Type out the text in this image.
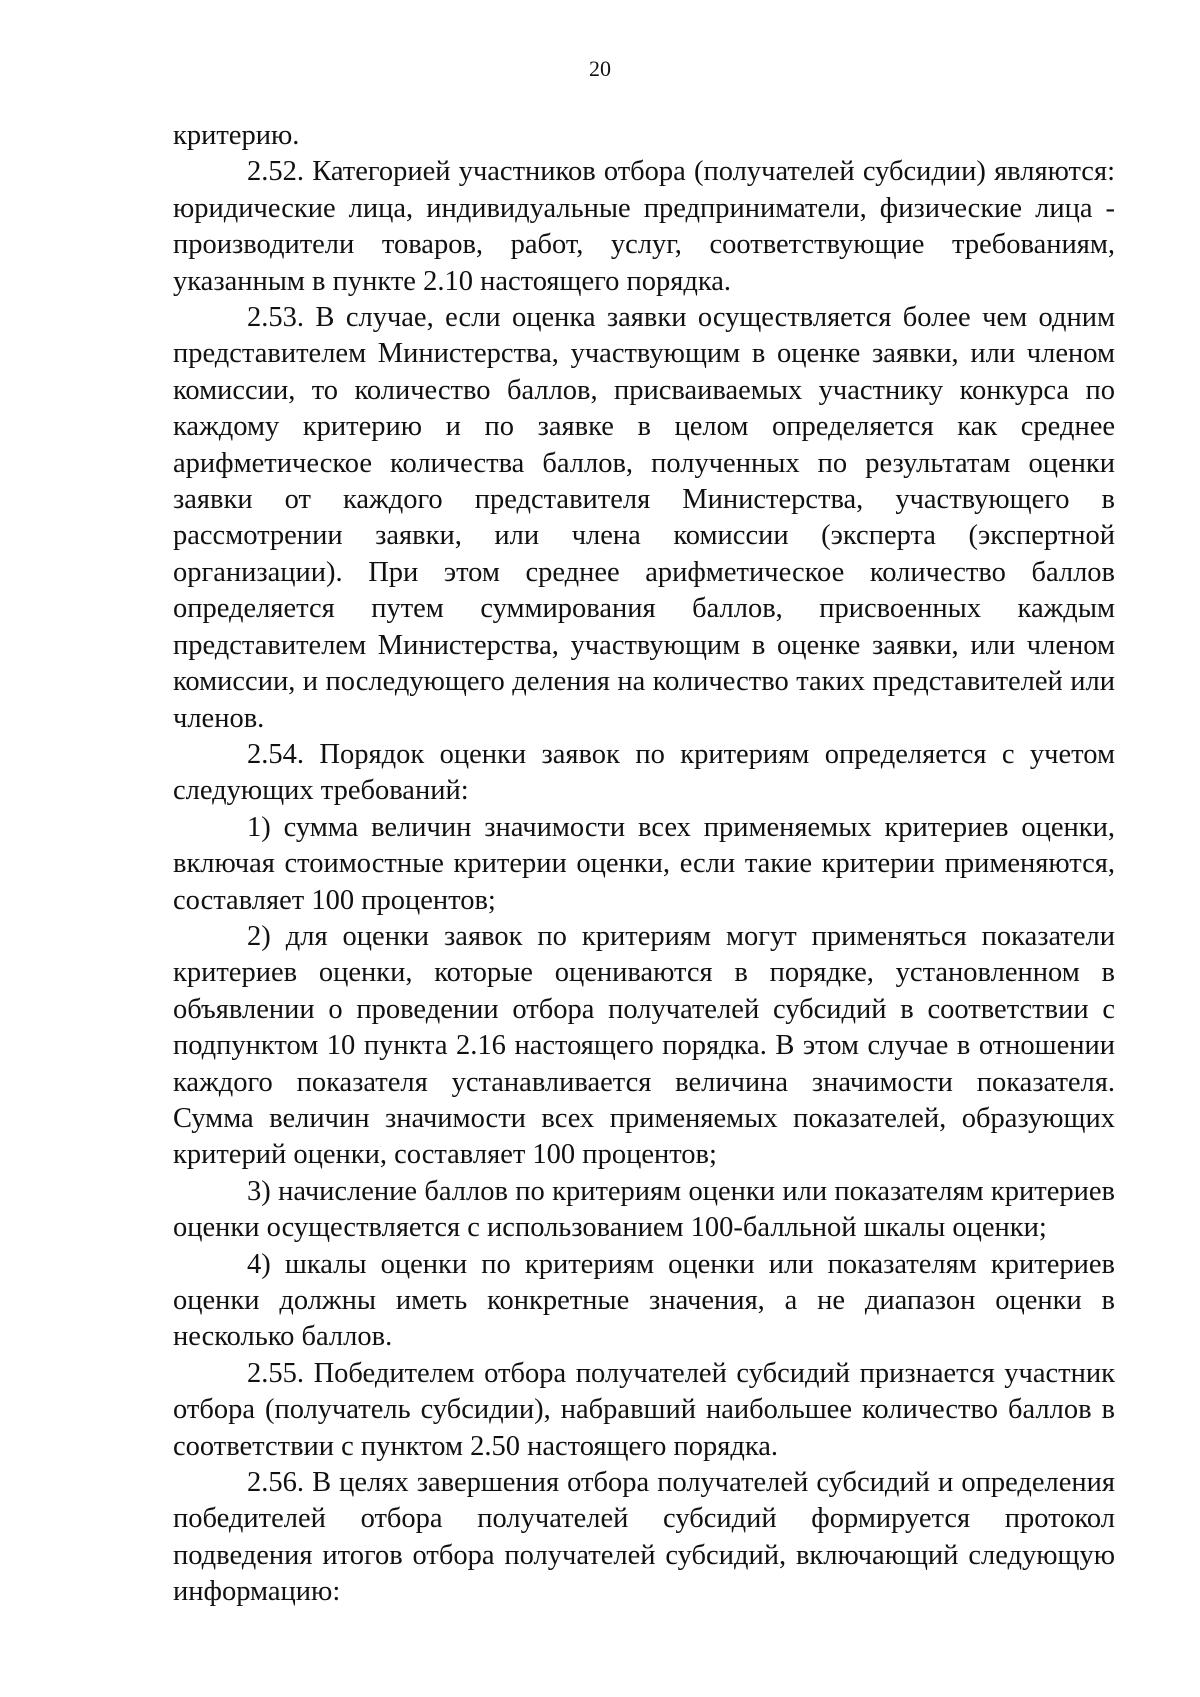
20

критерию.

2.52. Категорией участников отбора (получателей субсидии) являются: юридические лица, индивидуальные предприниматели, физические лица - производители товаров, работ, услуг, соответствующие требованиям, указанным в пункте 2.10 настоящего порядка.

2.53. В случае, если оценка заявки осуществляется более чем одним представителем Министерства, участвующим в оценке заявки, или членом комиссии, то количество баллов, присваиваемых участнику конкурса по каждому критерию и по заявке в целом определяется как среднее арифметическое количества баллов, полученных по результатам оценки заявки от каждого представителя Министерства, участвующего в рассмотрении заявки, или члена комиссии (эксперта (экспертной организации). При этом среднее арифметическое количество баллов определяется путем суммирования баллов, присвоенных каждым представителем Министерства, участвующим в оценке заявки, или членом комиссии, и последующего деления на количество таких представителей или членов.

2.54. Порядок оценки заявок по критериям определяется с учетом следующих требований:

1) сумма величин значимости всех применяемых критериев оценки, включая стоимостные критерии оценки, если такие критерии применяются, составляет 100 процентов;

2) для оценки заявок по критериям могут применяться показатели критериев оценки, которые оцениваются в порядке, установленном в объявлении о проведении отбора получателей субсидий в соответствии с подпунктом 10 пункта 2.16 настоящего порядка. В этом случае в отношении каждого показателя устанавливается величина значимости показателя. Сумма величин значимости всех применяемых показателей, образующих критерий оценки, составляет 100 процентов;

3) начисление баллов по критериям оценки или показателям критериев оценки осуществляется с использованием 100-балльной шкалы оценки;

4) шкалы оценки по критериям оценки или показателям критериев оценки должны иметь конкретные значения, а не диапазон оценки в несколько баллов.

2.55. Победителем отбора получателей субсидий признается участник отбора (получатель субсидии), набравший наибольшее количество баллов в соответствии с пунктом 2.50 настоящего порядка.

2.56. В целях завершения отбора получателей субсидий и определения победителей отбора получателей субсидий формируется протокол подведения итогов отбора получателей субсидий, включающий следующую информацию:
